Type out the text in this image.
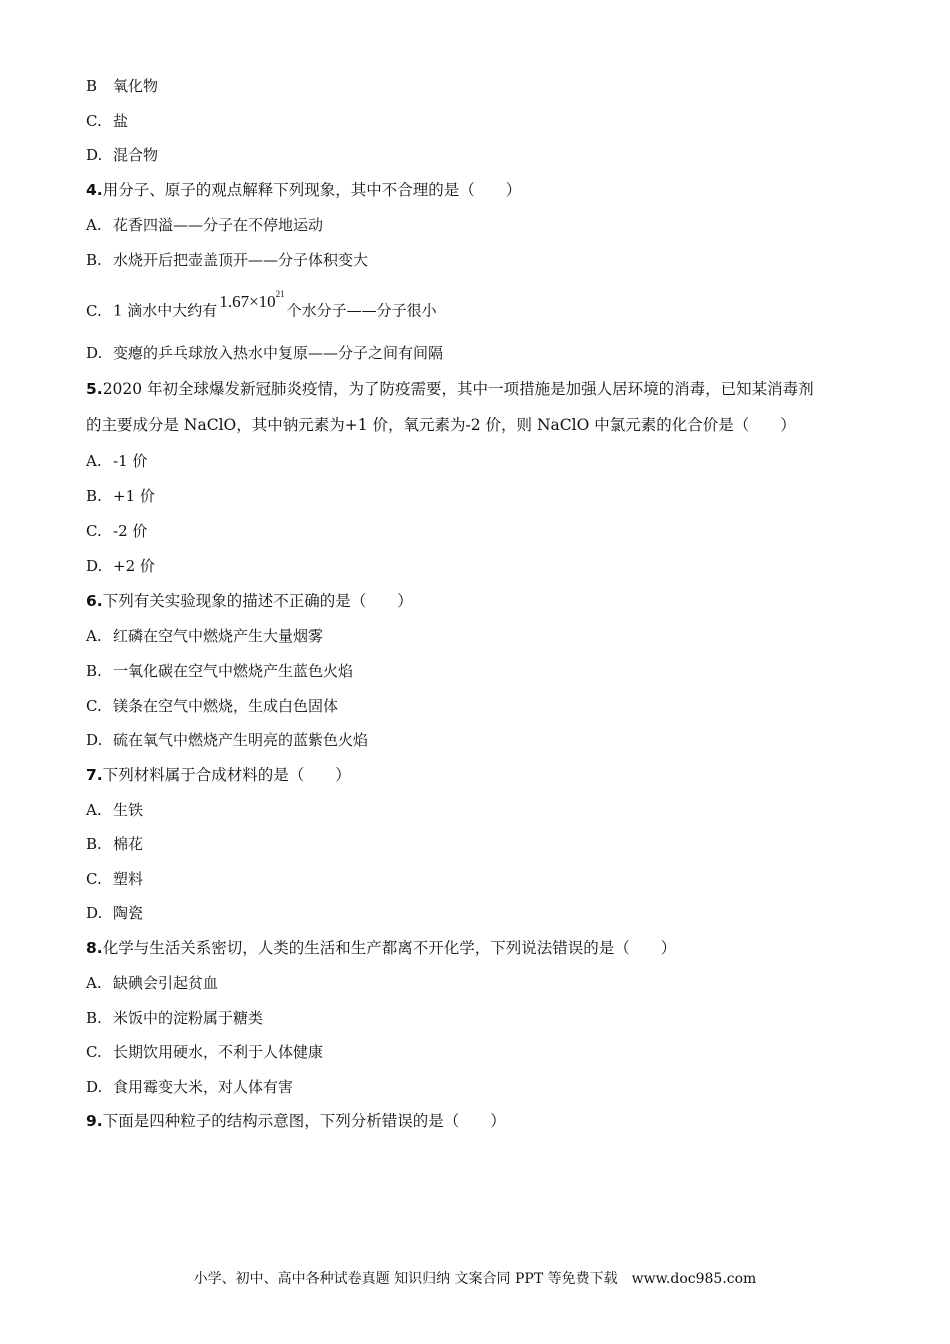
B 氧化物
C. 盐
D. 混合物
4.用分子、原子的观点解释下列现象，其中不合理的是（　　）
A. 花香四溢——分子在不停地运动
B. 水烧开后把壶盖顶开——分子体积变大
C. 1 滴水中大约有 $1.67\times 10^{21}$个水分子——分子很小
D. 变瘪的乒乓球放入热水中复原——分子之间有间隔
5.2020 年初全球爆发新冠肺炎疫情，为了防疫需要，其中一项措施是加强人居环境的消毒，已知某消毒剂
的主要成分是 NaClO，其中钠元素为+1 价，氧元素为-2 价，则 NaClO 中氯元素的化合价是（　　）
A. -1 价
B. +1 价
C. -2 价
D. +2 价
6.下列有关实验现象的描述不正确的是（　　）
A. 红磷在空气中燃烧产生大量烟雾
B. 一氧化碳在空气中燃烧产生蓝色火焰
C. 镁条在空气中燃烧，生成白色固体
D. 硫在氧气中燃烧产生明亮的蓝紫色火焰
7.下列材料属于合成材料的是（　　）
A. 生铁
B. 棉花
C. 塑料
D. 陶瓷
8.化学与生活关系密切，人类的生活和生产都离不开化学，下列说法错误的是（　　）
A. 缺碘会引起贫血
B. 米饭中的淀粉属于糖类
C. 长期饮用硬水，不利于人体健康
D. 食用霉变大米，对人体有害
9.下面是四种粒子的结构示意图，下列分析错误的是（　　）
小学、初中、高中各种试卷真题 知识归纳 文案合同 PPT 等免费下载　www.doc985.com
